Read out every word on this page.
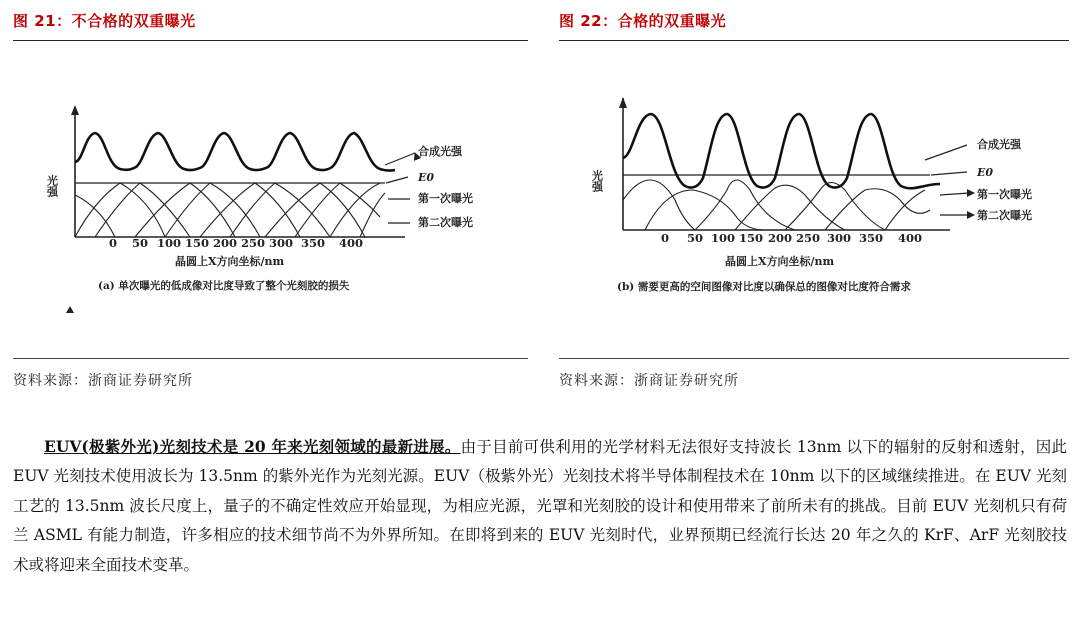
图 21：不合格的双重曝光	图 22：合格的双重曝光
光强
0 50 100 150 200 250 300 350 400
晶圆上X方向坐标/nm
合成光强
E0
第一次曝光
第二次曝光
(a) 单次曝光的低成像对比度导致了整个光刻胶的损失
光强
0 50 100 150 200 250 300 350 400
晶圆上X方向坐标/nm
合成光强
E0
第一次曝光
第二次曝光
(b) 需要更高的空间图像对比度以确保总的图像对比度符合需求
资料来源：浙商证券研究所	资料来源：浙商证券研究所

EUV(极紫外光)光刻技术是 20 年来光刻领域的最新进展。由于目前可供利用的光学材料无法很好支持波长 13nm 以下的辐射的反射和透射，因此 EUV 光刻技术使用波长为 13.5nm 的紫外光作为光刻光源。EUV（极紫外光）光刻技术将半导体制程技术在 10nm 以下的区域继续推进。在 EUV 光刻工艺的 13.5nm 波长尺度上，量子的不确定性效应开始显现，为相应光源，光罩和光刻胶的设计和使用带来了前所未有的挑战。目前 EUV 光刻机只有荷兰 ASML 有能力制造，许多相应的技术细节尚不为外界所知。在即将到来的 EUV 光刻时代，业界预期已经流行长达 20 年之久的 KrF、ArF 光刻胶技术或将迎来全面技术变革。
